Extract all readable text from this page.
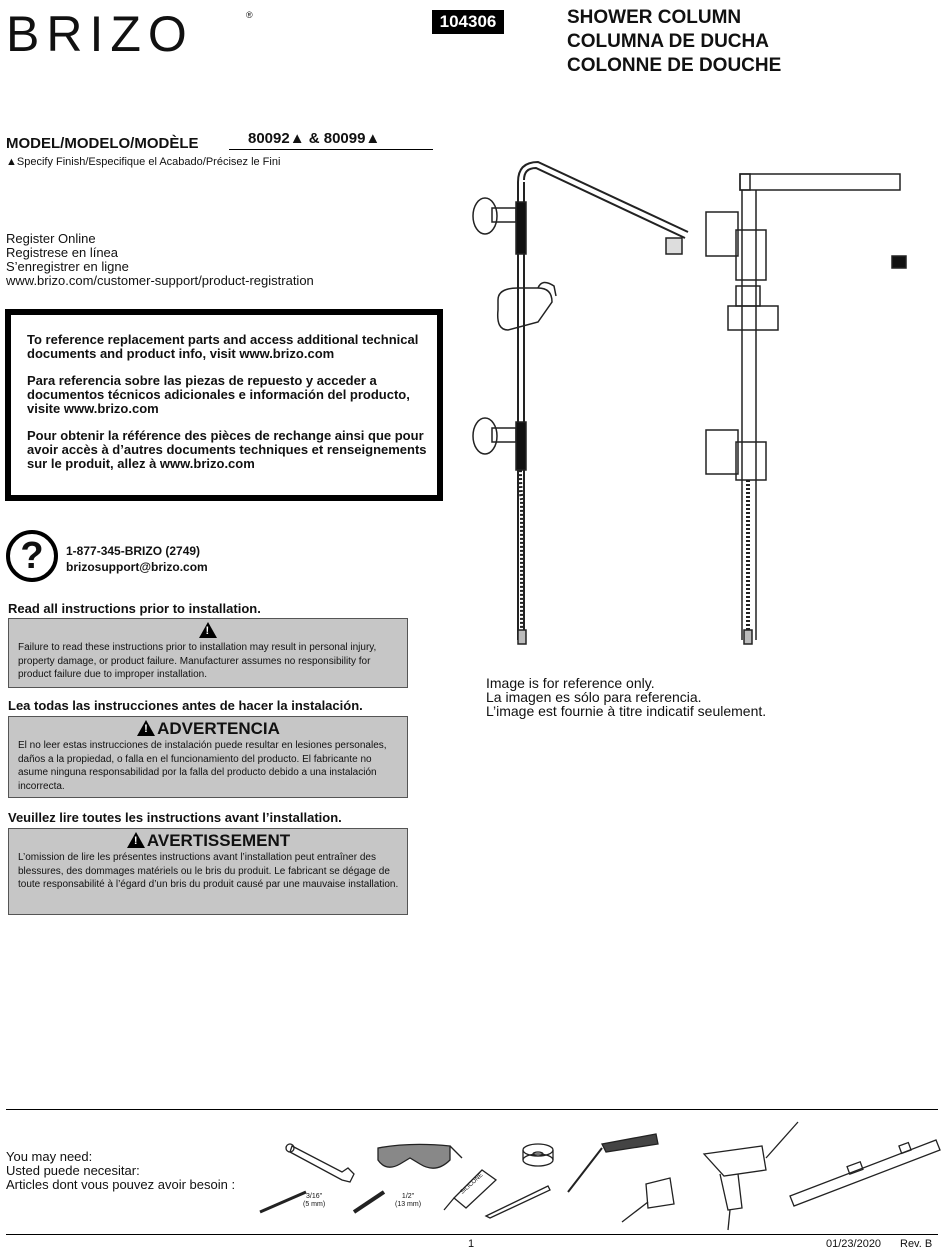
BRIZO	®	104306	SHOWER COLUMN
COLUMNA DE DUCHA
COLONNE DE DOUCHE
MODEL/MODELO/MODÈLE	80092▲ & 80099▲
▲Specify Finish/Especifique el Acabado/Précisez le Fini
Register Online
Registrese en línea
S’enregistrer en ligne
www.brizo.com/customer-support/product-registration

To reference replacement parts and access additional technical documents and product info, visit www.brizo.com

Para referencia sobre las piezas de repuesto y acceder a documentos técnicos adicionales e información del producto, visite www.brizo.com

Pour obtenir la référence des pièces de rechange ainsi que pour avoir accès à d’autres documents techniques et renseignements sur le produit, allez à www.brizo.com

?	1-877-345-BRIZO (2749)
brizosupport@brizo.com
Read all instructions prior to installation.
!
Failure to read these instructions prior to installation may result in personal injury, property damage, or product failure. Manufacturer assumes no responsibility for product failure due to improper installation.
Lea todas las instrucciones antes de hacer la instalación.
!ADVERTENCIA
El no leer estas instrucciones de instalación puede resultar en lesiones personales, daños a la propiedad, o falla en el funcionamiento del producto. El fabricante no asume ninguna responsabilidad por la falla del producto debido a una instalación incorrecta.
Veuillez lire toutes les instructions avant l’installation.
!AVERTISSEMENT
L’omission de lire les présentes instructions avant l’installation peut entraîner des blessures, des dommages matériels ou le bris du produit. Le fabricant se dégage de toute responsabilité à l’égard d’un bris du produit causé par une mauvaise installation.
Image is for reference only.
La imagen es sólo para referencia.
L’image est fournie à titre indicatif seulement.
You may need:
Usted puede necesitar:
Articles dont vous pouvez avoir besoin :
3/16"
(5 mm)
1/2"
(13 mm)
SILICONE
1	01/23/2020 Rev. B
